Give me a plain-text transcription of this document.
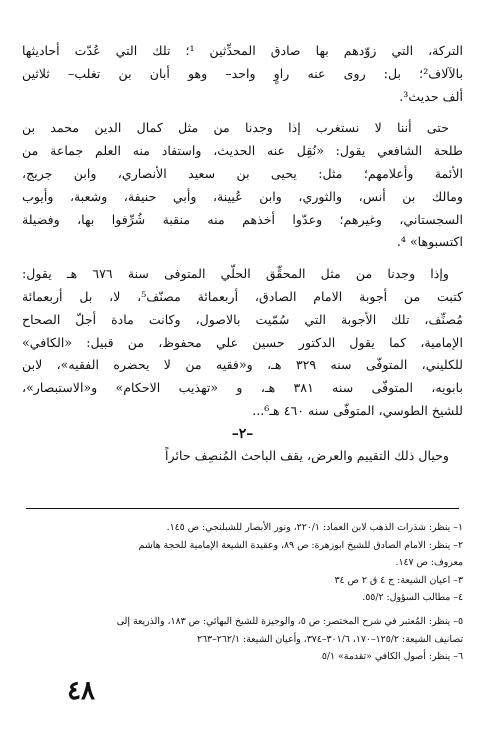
التركة، التي زوّدهم بها صادق المحدِّثين ¹؛ تلك التي عُدّت أحاديثها
بالآلاف²؛ بل: روى عنه راوٍ واحد– وهو أبان بن تغلب– ثلاثين
ألف حديث³.
حتى أننا لا نستغرب إذا وجدنا من مثل كمال الدين محمد بن
طلحة الشافعي يقول: «نُقِل عنه الحديث، واستفاد منه العلم جماعة من
الأئمة وأعلامهم؛ مثل: يحيى بن سعيد الأنصاري، وابن جريج،
ومالك بن أنس، والثوري، وابن عُيينة، وأبي حنيفة، وشعبة، وأيوب
السجستاني، وغيرهم؛ وعدّوا أخذهم منه منقبة شُرِّفوا بها، وفضيلة
اكتسبوها» ⁴.
وإذا وجدنا من مثل المحقِّق الحلّي المتوفى سنة ٦٧٦ هـ يقول:
كتبت من أجوبة الامام الصادق، أربعمائة مصنّف⁵، لا، بل أربعمائة
مُصنِّف، تلك الأجوبة التي سُمّيت بالاصول، وكانت مادة أجلّ الصحاح
الإمامية، كما يقول الدكتور حسين علي محفوظ، من قبيل: «الكافي»
للكليني، المتوفّى سنه ٣٢٩ هـ، و«فقيه من لا يحضره الفقيه»، لابن
بابويه، المتوفّى سنه ٣٨١ هـ، و «تهذيب الاحكام» و«الاستبصار»،
للشيخ الطوسي، المتوفّى سنه ٤٦٠ هـ⁶...
–٢–
وحيال ذلك التقييم والعرض، يقف الباحث المُنصِف حائراً
١– ينظر: شذرات الذهب لابن العماد: ٢٢٠/١، ونور الأبصار للشبلنجي: ص ١٤٥.
٢– ينظر: الامام الصادق للشيخ ابوزهرة: ص ٨٩، وعقيدة الشيعة الإمامية للحجة هاشم
معروف: ص ١٤٧.
٣– اعيان الشيعة: ج ٤ ق ٢ ص ٣٤
٤– مطالب السؤول: ٥٥/٢.
٥– ينظر: المُعتبر في شرح المختصر: ص ٥، والوجيزة للشيخ البهائي: ص ١٨٣، والذريعة إلى
تصانيف الشيعة: ١٢٥/٢–١٧٠، ٣٠١/٦–٣٧٤، وأعيان الشيعة: ٢٦٢/١–٢٦٣
٦– ينظر: أصول الكافي «تقدمة» ٥/١
٤٨
